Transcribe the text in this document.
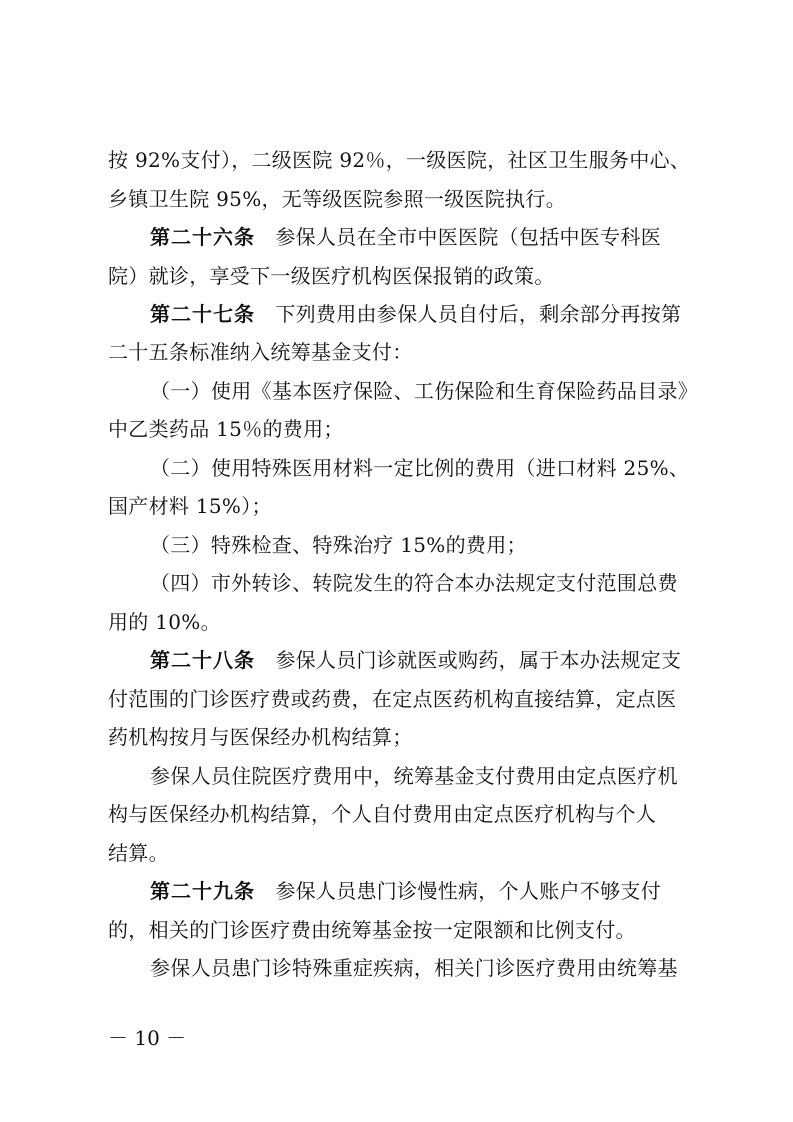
按 92%支付），二级医院 92％，一级医院，社区卫生服务中心、
乡镇卫生院 95%，无等级医院参照一级医院执行。
第二十六条  参保人员在全市中医医院（包括中医专科医
院）就诊，享受下一级医疗机构医保报销的政策。
第二十七条  下列费用由参保人员自付后，剩余部分再按第
二十五条标准纳入统筹基金支付：
（一）使用《基本医疗保险、工伤保险和生育保险药品目录》
中乙类药品 15％的费用；
（二）使用特殊医用材料一定比例的费用（进口材料 25%、
国产材料 15%）；
（三）特殊检查、特殊治疗 15%的费用；
（四）市外转诊、转院发生的符合本办法规定支付范围总费
用的 10%。
第二十八条  参保人员门诊就医或购药，属于本办法规定支
付范围的门诊医疗费或药费，在定点医药机构直接结算，定点医
药机构按月与医保经办机构结算；
参保人员住院医疗费用中，统筹基金支付费用由定点医疗机
构与医保经办机构结算，个人自付费用由定点医疗机构与个人
结算。
第二十九条  参保人员患门诊慢性病，个人账户不够支付
的，相关的门诊医疗费由统筹基金按一定限额和比例支付。
参保人员患门诊特殊重症疾病，相关门诊医疗费用由统筹基
－ 10 －
